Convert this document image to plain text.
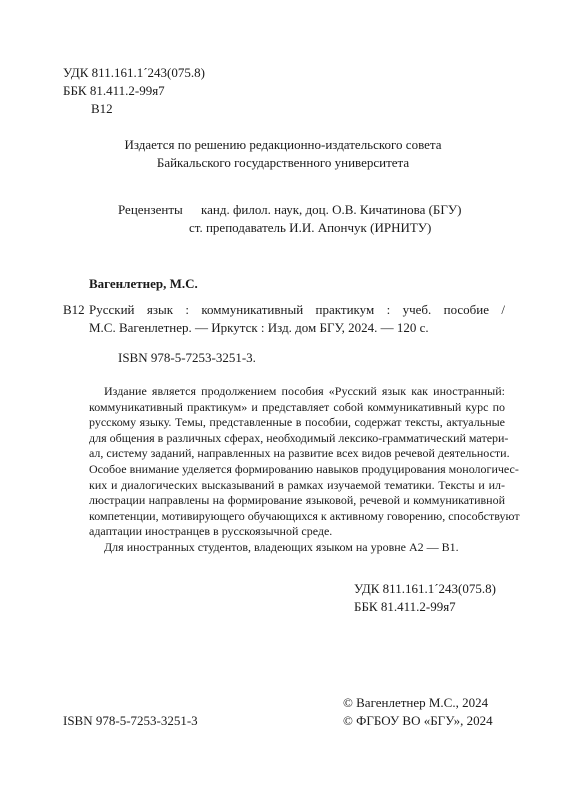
УДК 811.161.1´243(075.8)
ББК 81.411.2-99я7
В12
Издается по решению редакционно-издательского совета
Байкальского государственного университета
Рецензенты канд. филол. наук, доц. О.В. Кичатинова (БГУ)
ст. преподаватель И.И. Апончук (ИРНИТУ)
Вагенлетнер, М.С.
В12 Русский язык : коммуникативный практикум : учеб. пособие /
М.С. Вагенлетнер. — Иркутск : Изд. дом БГУ, 2024. — 120 с.
ISBN 978-5-7253-3251-3.
Издание является продолжением пособия «Русский язык как иностранный:
коммуникативный практикум» и представляет собой коммуникативный курс по
русскому языку. Темы, представленные в пособии, содержат тексты, актуальные
для общения в различных сферах, необходимый лексико-грамматический матери-
ал, систему заданий, направленных на развитие всех видов речевой деятельности.
Особое внимание уделяется формированию навыков продуцирования монологичес-
ких и диалогических высказываний в рамках изучаемой тематики. Тексты и ил-
люстрации направлены на формирование языковой, речевой и коммуникативной
компетенции, мотивирующего обучающихся к активному говорению, способствуют
адаптации иностранцев в русскоязычной среде.
Для иностранных студентов, владеющих языком на уровне А2 — В1.
УДК 811.161.1´243(075.8)
ББК 81.411.2-99я7
ISBN 978-5-7253-3251-3
© Вагенлетнер М.С., 2024
© ФГБОУ ВО «БГУ», 2024
